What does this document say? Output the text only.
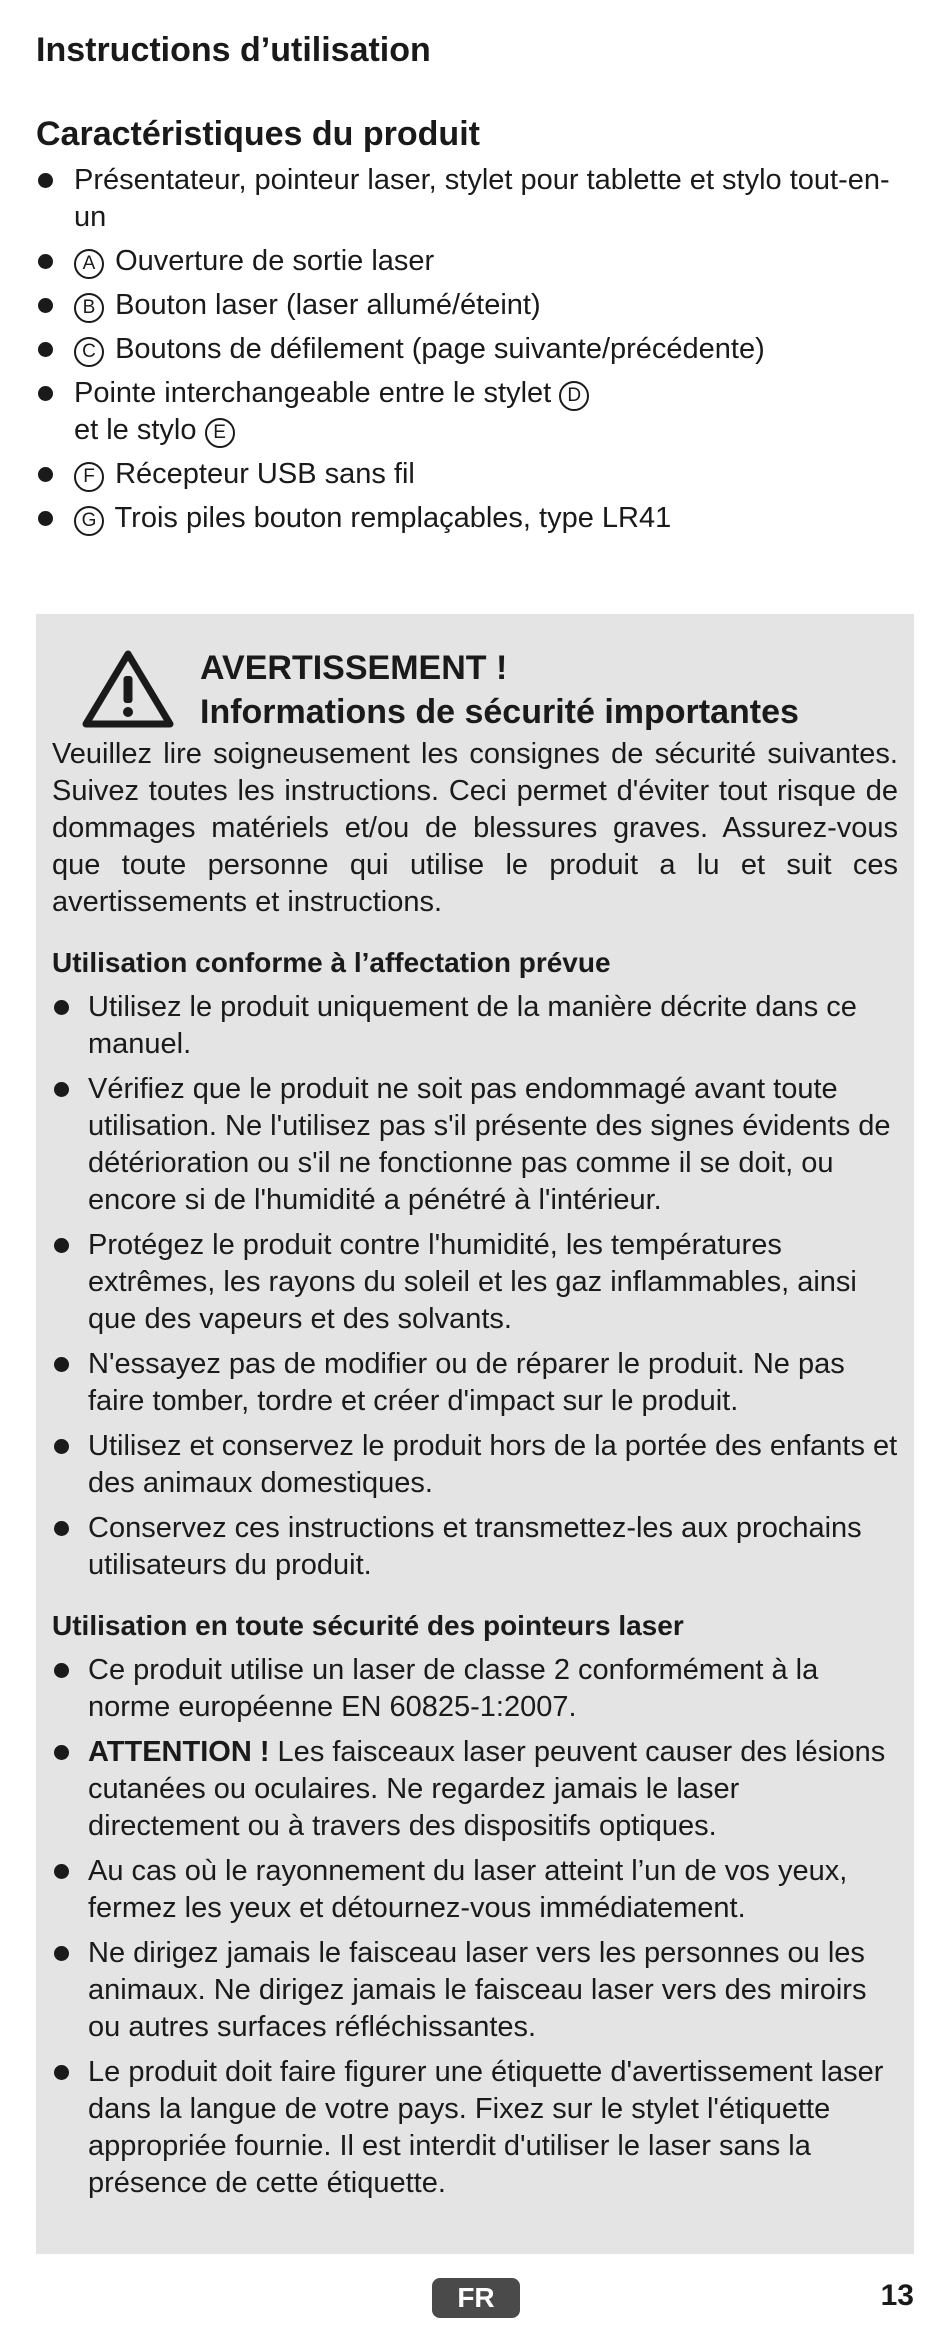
Instructions d’utilisation
Caractéristiques du produit
Présentateur, pointeur laser, stylet pour tablette et stylo tout-en-un
A Ouverture de sortie laser
B Bouton laser (laser allumé/éteint)
C Boutons de défilement (page suivante/précédente)
Pointe interchangeable entre le stylet D
et le stylo E
F Récepteur USB sans fil
G Trois piles bouton remplaçables, type LR41
AVERTISSEMENT !
Informations de sécurité importantes

Veuillez lire soigneusement les consignes de sécurité suivantes. Suivez toutes les instructions. Ceci permet d'éviter tout risque de dommages matériels et/ou de blessures graves. Assurez-vous que toute personne qui utilise le produit a lu et suit ces avertissements et instructions.

Utilisation conforme à l’affectation prévue
Utilisez le produit uniquement de la manière décrite dans ce manuel.
Vérifiez que le produit ne soit pas endommagé avant toute utilisation. Ne l'utilisez pas s'il présente des signes évidents de détérioration ou s'il ne fonctionne pas comme il se doit, ou encore si de l'humidité a pénétré à l'intérieur.
Protégez le produit contre l'humidité, les températures extrêmes, les rayons du soleil et les gaz inflammables, ainsi que des vapeurs et des solvants.
N'essayez pas de modifier ou de réparer le produit. Ne pas faire tomber, tordre et créer d'impact sur le produit.
Utilisez et conservez le produit hors de la portée des enfants et des animaux domestiques.
Conservez ces instructions et transmettez-les aux prochains utilisateurs du produit.
Utilisation en toute sécurité des pointeurs laser
Ce produit utilise un laser de classe 2 conformément à la norme européenne EN 60825-1:2007.
ATTENTION ! Les faisceaux laser peuvent causer des lésions cutanées ou oculaires. Ne regardez jamais le laser directement ou à travers des dispositifs optiques.
Au cas où le rayonnement du laser atteint l’un de vos yeux, fermez les yeux et détournez-vous immédiatement.
Ne dirigez jamais le faisceau laser vers les personnes ou les animaux. Ne dirigez jamais le faisceau laser vers des miroirs ou autres surfaces réfléchissantes.
Le produit doit faire figurer une étiquette d'avertissement laser dans la langue de votre pays. Fixez sur le stylet l'étiquette appropriée fournie. Il est interdit d'utiliser le laser sans la présence de cette étiquette.
FR	13
